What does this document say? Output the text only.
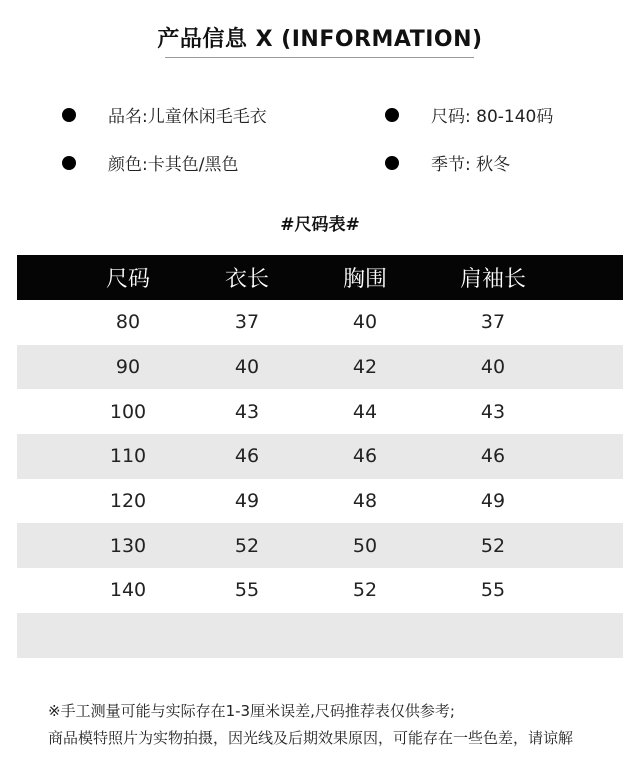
产品信息 X (INFORMATION)
品名:儿童休闲毛毛衣	尺码: 80-140码
颜色:卡其色/黑色	季节: 秋冬
#尺码表#
尺码	衣长	胸围	肩袖长
80	37	40	37
90	40	42	40
100	43	44	43
110	46	46	46
120	49	48	49
130	52	50	52
140	55	52	55
※手工测量可能与实际存在1-3厘米误差,尺码推荐表仅供参考;
商品模特照片为实物拍摄，因光线及后期效果原因，可能存在一些色差，请谅解
